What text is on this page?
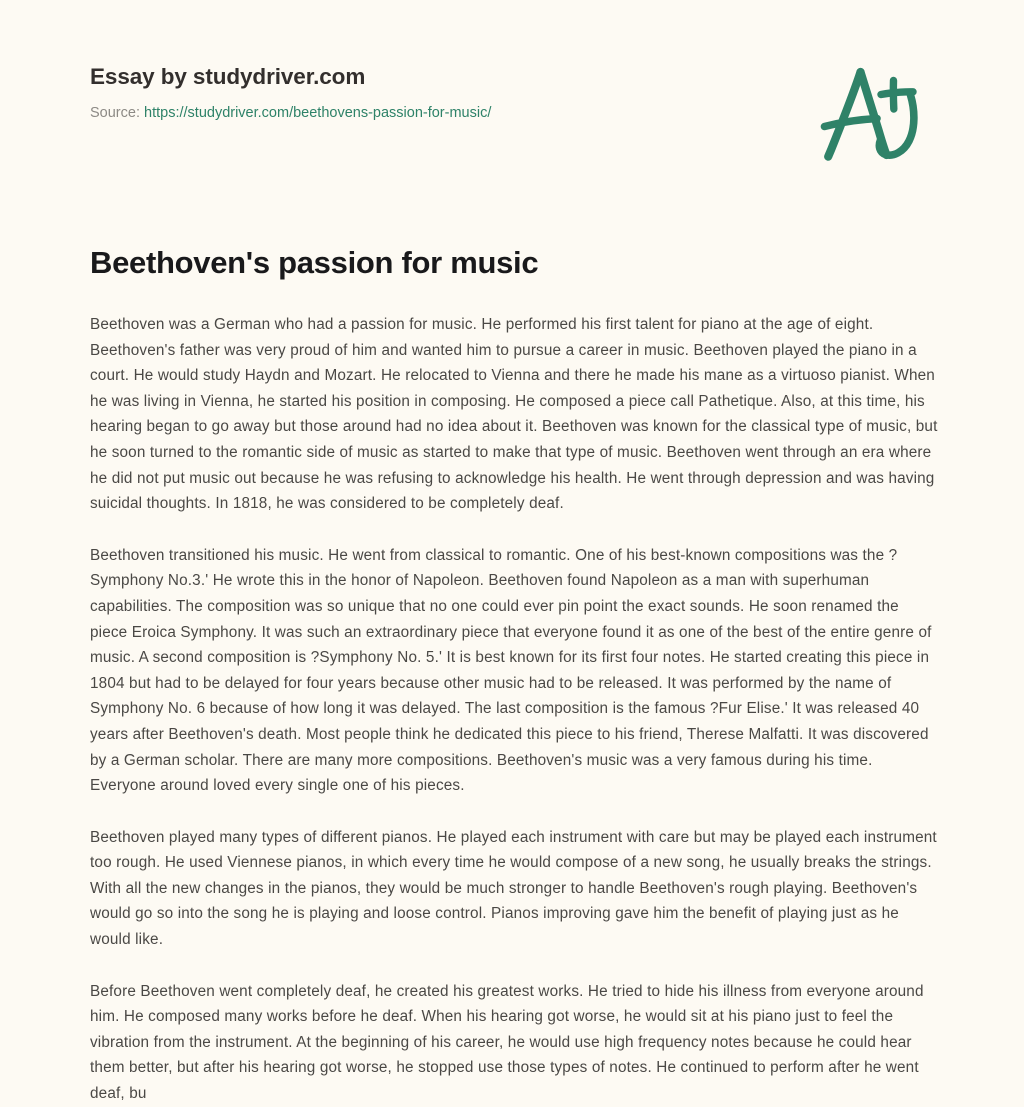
Essay by studydriver.com
Source: https://studydriver.com/beethovens-passion-for-music/
Beethoven's passion for music

Beethoven was a German who had a passion for music. He performed his first talent for piano at the age of eight. Beethoven's father was very proud of him and wanted him to pursue a career in music. Beethoven played the piano in a court. He would study Haydn and Mozart. He relocated to Vienna and there he made his mane as a virtuoso pianist. When he was living in Vienna, he started his position in composing. He composed a piece call Pathetique. Also, at this time, his hearing began to go away but those around had no idea about it. Beethoven was known for the classical type of music, but he soon turned to the romantic side of music as started to make that type of music. Beethoven went through an era where he did not put music out because he was refusing to acknowledge his health. He went through depression and was having suicidal thoughts. In 1818, he was considered to be completely deaf.

Beethoven transitioned his music. He went from classical to romantic. One of his best-known compositions was the ?Symphony No.3.' He wrote this in the honor of Napoleon. Beethoven found Napoleon as a man with superhuman capabilities. The composition was so unique that no one could ever pin point the exact sounds. He soon renamed the piece Eroica Symphony. It was such an extraordinary piece that everyone found it as one of the best of the entire genre of music. A second composition is ?Symphony No. 5.' It is best known for its first four notes. He started creating this piece in 1804 but had to be delayed for four years because other music had to be released. It was performed by the name of Symphony No. 6 because of how long it was delayed. The last composition is the famous ?Fur Elise.' It was released 40 years after Beethoven's death. Most people think he dedicated this piece to his friend, Therese Malfatti. It was discovered by a German scholar. There are many more compositions. Beethoven's music was a very famous during his time. Everyone around loved every single one of his pieces.

Beethoven played many types of different pianos. He played each instrument with care but may be played each instrument too rough. He used Viennese pianos, in which every time he would compose of a new song, he usually breaks the strings. With all the new changes in the pianos, they would be much stronger to handle Beethoven's rough playing. Beethoven's would go so into the song he is playing and loose control. Pianos improving gave him the benefit of playing just as he would like.

Before Beethoven went completely deaf, he created his greatest works. He tried to hide his illness from everyone around him. He composed many works before he deaf. When his hearing got worse, he would sit at his piano just to feel the vibration from the instrument. At the beginning of his career, he would use high frequency notes because he could hear them better, but after his hearing got worse, he stopped use those types of notes. He continued to perform after he went deaf, bu
